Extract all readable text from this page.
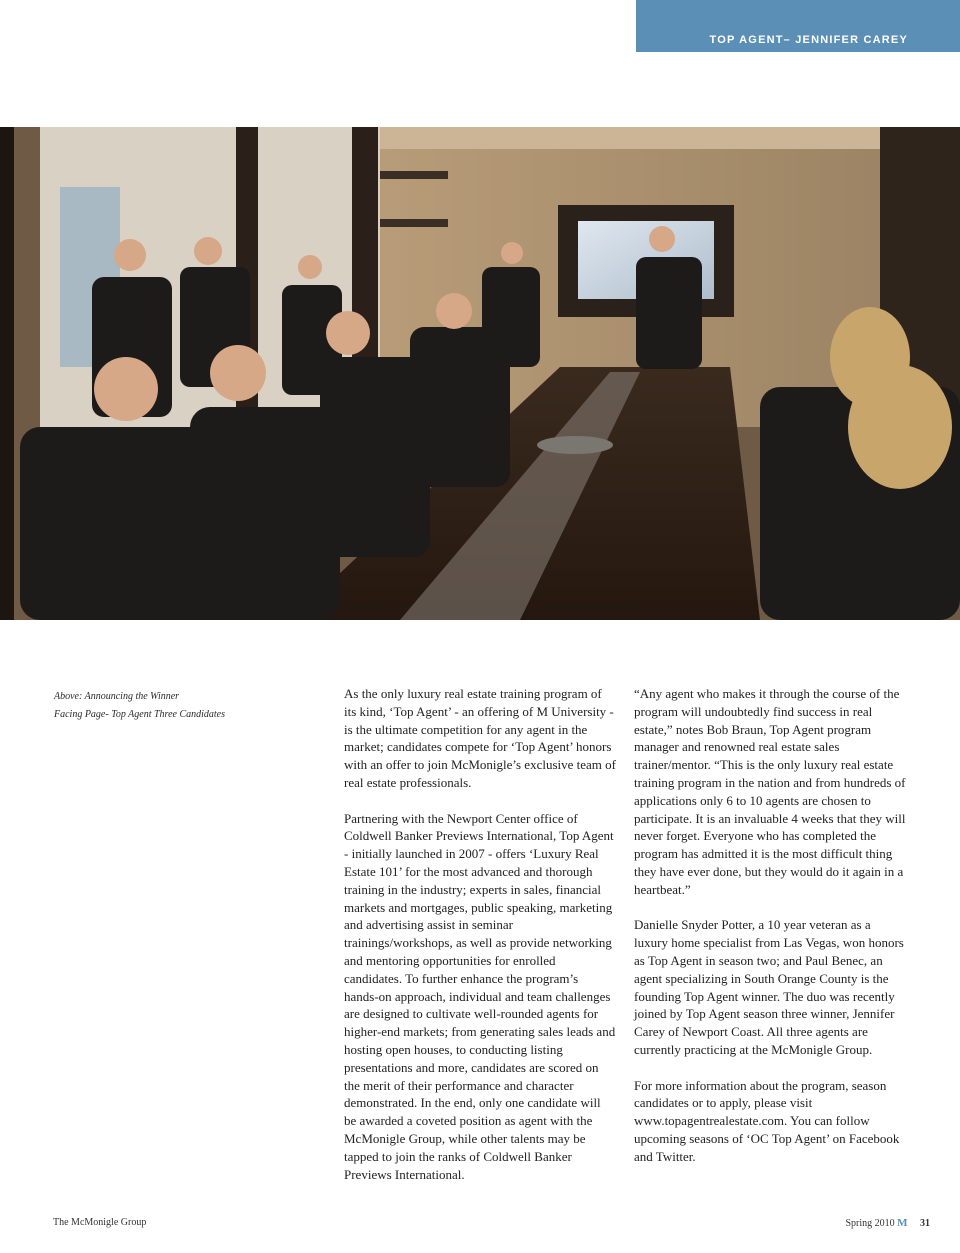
TOP AGENT– JENNIFER CAREY
Above: Announcing the Winner
Facing Page- Top Agent Three Candidates

As the only luxury real estate training program of its kind, ‘Top Agent’ - an offering of M University - is the ultimate competition for any agent in the market; candidates compete for ‘Top Agent’ honors with an offer to join McMonigle’s exclusive team of real estate professionals.

Partnering with the Newport Center office of Coldwell Banker Previews International, Top Agent - initially launched in 2007 - offers ‘Luxury Real Estate 101’ for the most advanced and thorough training in the industry; experts in sales, financial markets and mortgages, public speaking, marketing and advertising assist in seminar trainings/workshops, as well as provide networking and mentoring opportunities for enrolled candidates. To further enhance the program’s hands-on approach, individual and team challenges are designed to cultivate well-rounded agents for higher-end markets; from generating sales leads and hosting open houses, to conducting listing presentations and more, candidates are scored on the merit of their performance and character demonstrated. In the end, only one candidate will be awarded a coveted position as agent with the McMonigle Group, while other talents may be tapped to join the ranks of Coldwell Banker Previews International.

“Any agent who makes it through the course of the program will undoubtedly find success in real estate,” notes Bob Braun, Top Agent program manager and renowned real estate sales trainer/mentor. “This is the only luxury real estate training program in the nation and from hundreds of applications only 6 to 10 agents are chosen to participate. It is an invaluable 4 weeks that they will never forget. Everyone who has completed the program has admitted it is the most difficult thing they have ever done, but they would do it again in a heartbeat.”

Danielle Snyder Potter, a 10 year veteran as a luxury home specialist from Las Vegas, won honors as Top Agent in season two; and Paul Benec, an agent specializing in South Orange County is the founding Top Agent winner. The duo was recently joined by Top Agent season three winner, Jennifer Carey of Newport Coast. All three agents are currently practicing at the McMonigle Group.

For more information about the program, season candidates or to apply, please visit www.topagentrealestate.com. You can follow upcoming seasons of ‘OC Top Agent’ on Facebook and Twitter.

The McMonigle Group	Spring 2010 M 31
